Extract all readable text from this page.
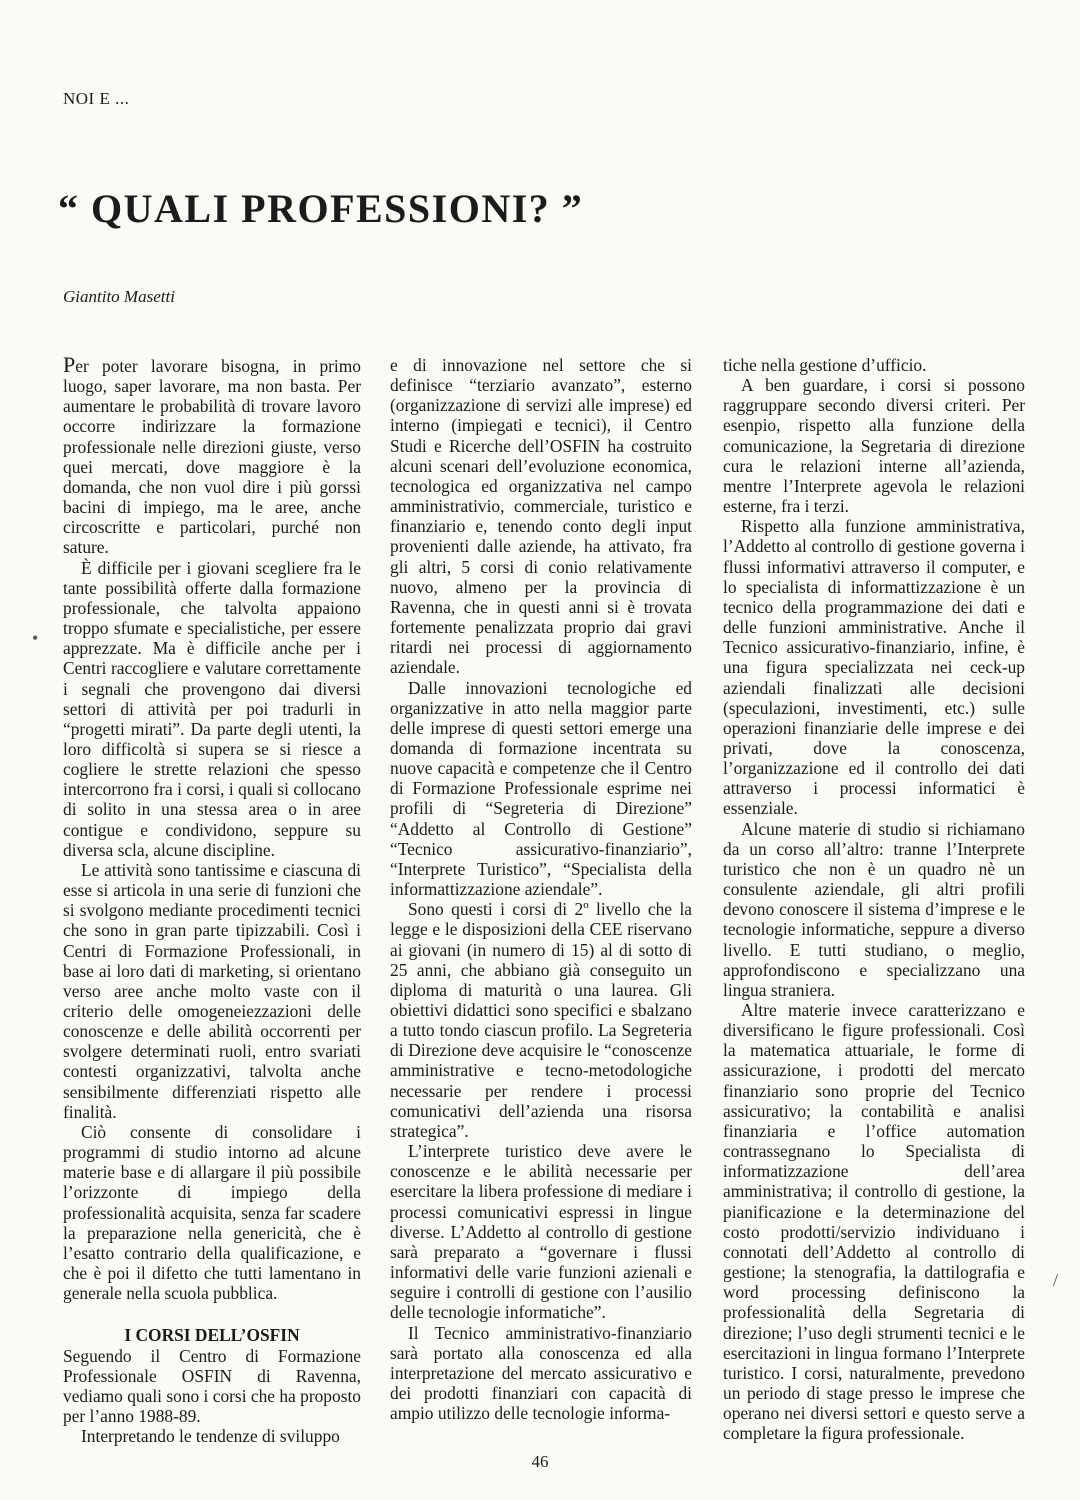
NOI E ...
“ QUALI PROFESSIONI? ”
Giantito Masetti

Per poter lavorare bisogna, in primo luogo, saper lavorare, ma non basta. Per aumentare le probabilità di trovare lavoro occorre indirizzare la formazione professionale nelle direzioni giuste, verso quei mercati, dove maggiore è la domanda, che non vuol dire i più gorssi bacini di impiego, ma le aree, anche circoscritte e particolari, purché non sature.

È difficile per i giovani scegliere fra le tante possibilità offerte dalla formazione professionale, che talvolta appaiono troppo sfumate e specialistiche, per essere apprezzate. Ma è difficile anche per i Centri raccogliere e valutare correttamente i segnali che provengono dai diversi settori di attività per poi tradurli in “progetti mirati”. Da parte degli utenti, la loro difficoltà si supera se si riesce a cogliere le strette relazioni che spesso intercorrono fra i corsi, i quali si collocano di solito in una stessa area o in aree contigue e condividono, seppure su diversa scla, alcune discipline.

Le attività sono tantissime e ciascuna di esse si articola in una serie di funzioni che si svolgono mediante procedimenti tecnici che sono in gran parte tipizzabili. Così i Centri di Formazione Professionali, in base ai loro dati di marketing, si orientano verso aree anche molto vaste con il criterio delle omogeneiezzazioni delle conoscenze e delle abilità occorrenti per svolgere determinati ruoli, entro svariati contesti organizzativi, talvolta anche sensibilmente differenziati rispetto alle finalità.

Ciò consente di consolidare i programmi di studio intorno ad alcune materie base e di allargare il più possibile l’orizzonte di impiego della professionalità acquisita, senza far scadere la preparazione nella genericità, che è l’esatto contrario della qualificazione, e che è poi il difetto che tutti lamentano in generale nella scuola pubblica.

I CORSI DELL’OSFIN

Seguendo il Centro di Formazione Professionale OSFIN di Ravenna, vediamo quali sono i corsi che ha proposto per l’anno 1988-89.

Interpretando le tendenze di sviluppo

e di innovazione nel settore che si definisce “terziario avanzato”, esterno (organizzazione di servizi alle imprese) ed interno (impiegati e tecnici), il Centro Studi e Ricerche dell’OSFIN ha costruito alcuni scenari dell’evoluzione economica, tecnologica ed organizzativa nel campo amministrativio, commerciale, turistico e finanziario e, tenendo conto degli input provenienti dalle aziende, ha attivato, fra gli altri, 5 corsi di conio relativamente nuovo, almeno per la provincia di Ravenna, che in questi anni si è trovata fortemente penalizzata proprio dai gravi ritardi nei processi di aggiornamento aziendale.

Dalle innovazioni tecnologiche ed organizzative in atto nella maggior parte delle imprese di questi settori emerge una domanda di formazione incentrata su nuove capacità e competenze che il Centro di Formazione Professionale esprime nei profili di “Segreteria di Direzione” “Addetto al Controllo di Gestione” “Tecnico assicurativo-finanziario”, “Interprete Turistico”, “Specialista della informattizzazione aziendale”.

Sono questi i corsi di 2º livello che la legge e le disposizioni della CEE riservano ai giovani (in numero di 15) al di sotto di 25 anni, che abbiano già conseguito un diploma di maturità o una laurea. Gli obiettivi didattici sono specifici e sbalzano a tutto tondo ciascun profilo. La Segreteria di Direzione deve acquisire le “conoscenze amministrative e tecno-metodologiche necessarie per rendere i processi comunicativi dell’azienda una risorsa strategica”.

L’interprete turistico deve avere le conoscenze e le abilità necessarie per esercitare la libera professione di mediare i processi comunicativi espressi in lingue diverse. L’Addetto al controllo di gestione sarà preparato a “governare i flussi informativi delle varie funzioni azienali e seguire i controlli di gestione con l’ausilio delle tecnologie informatiche”.

Il Tecnico amministrativo-finanziario sarà portato alla conoscenza ed alla interpretazione del mercato assicurativo e dei prodotti finanziari con capacità di ampio utilizzo delle tecnologie informa-

tiche nella gestione d’ufficio.

A ben guardare, i corsi si possono raggruppare secondo diversi criteri. Per esenpio, rispetto alla funzione della comunicazione, la Segretaria di direzione cura le relazioni interne all’azienda, mentre l’Interprete agevola le relazioni esterne, fra i terzi.

Rispetto alla funzione amministrativa, l’Addetto al controllo di gestione governa i flussi informativi attraverso il computer, e lo specialista di informattizzazione è un tecnico della programmazione dei dati e delle funzioni amministrative. Anche il Tecnico assicurativo-finanziario, infine, è una figura specializzata nei ceck-up aziendali finalizzati alle decisioni (speculazioni, investimenti, etc.) sulle operazioni finanziarie delle imprese e dei privati, dove la conoscenza, l’organizzazione ed il controllo dei dati attraverso i processi informatici è essenziale.

Alcune materie di studio si richiamano da un corso all’altro: tranne l’Interprete turistico che non è un quadro nè un consulente aziendale, gli altri profili devono conoscere il sistema d’imprese e le tecnologie informatiche, seppure a diverso livello. E tutti studiano, o meglio, approfondiscono e specializzano una lingua straniera.

Altre materie invece caratterizzano e diversificano le figure professionali. Così la matematica attuariale, le forme di assicurazione, i prodotti del mercato finanziario sono proprie del Tecnico assicurativo; la contabilità e analisi finanziaria e l’office automation contrassegnano lo Specialista di informatizzazione dell’area amministrativa; il controllo di gestione, la pianificazione e la determinazione del costo prodotti/servizio individuano i connotati dell’Addetto al controllo di gestione; la stenografia, la dattilografia e word processing definiscono la professionalità della Segretaria di direzione; l’uso degli strumenti tecnici e le esercitazioni in lingua formano l’Interprete turistico. I corsi, naturalmente, prevedono un periodo di stage presso le imprese che operano nei diversi settori e questo serve a completare la figura professionale.

•
/
46
